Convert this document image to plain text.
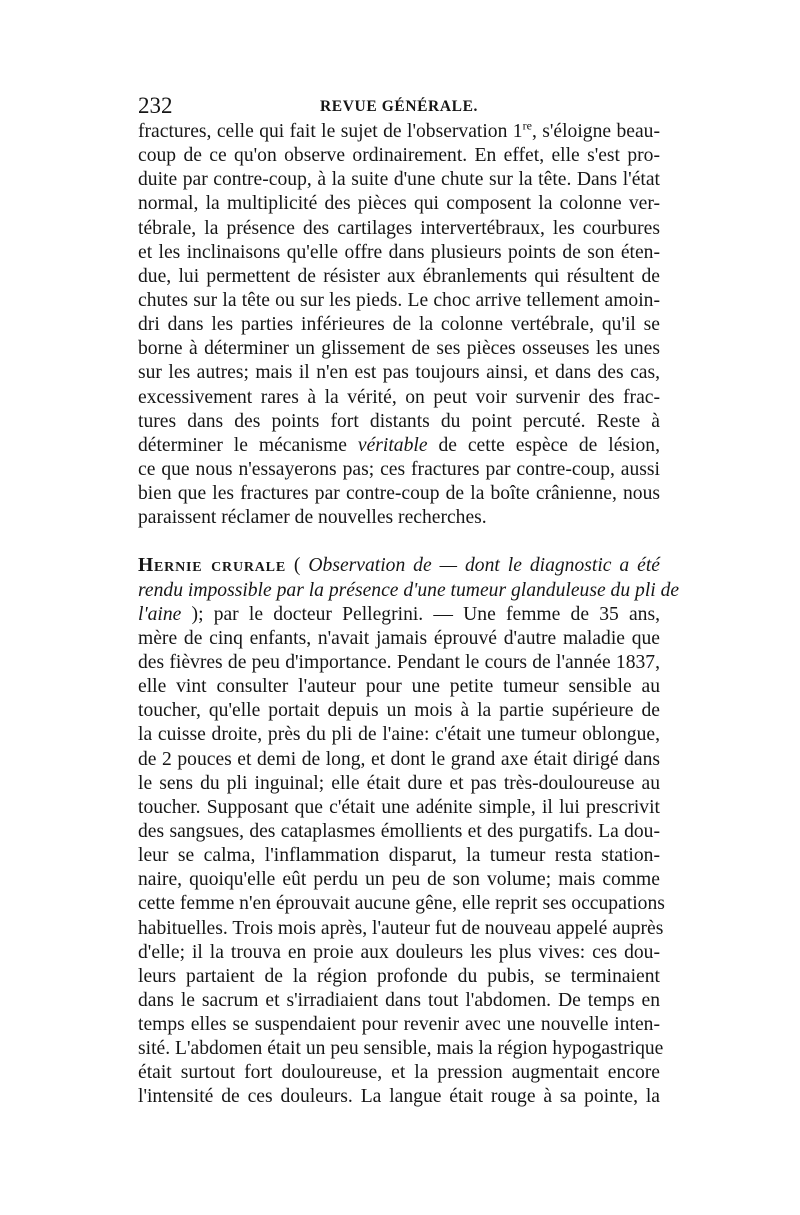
232	REVUE GÉNÉRALE.
fractures, celle qui fait le sujet de l'observation 1re, s'éloigne beau-
coup de ce qu'on observe ordinairement. En effet, elle s'est pro-
duite par contre-coup, à la suite d'une chute sur la tête. Dans l'état
normal, la multiplicité des pièces qui composent la colonne ver-
tébrale, la présence des cartilages intervertébraux, les courbures
et les inclinaisons qu'elle offre dans plusieurs points de son éten-
due, lui permettent de résister aux ébranlements qui résultent de
chutes sur la tête ou sur les pieds. Le choc arrive tellement amoin-
dri dans les parties inférieures de la colonne vertébrale, qu'il se
borne à déterminer un glissement de ses pièces osseuses les unes
sur les autres; mais il n'en est pas toujours ainsi, et dans des cas,
excessivement rares à la vérité, on peut voir survenir des frac-
tures dans des points fort distants du point percuté. Reste à
déterminer le mécanisme véritable de cette espèce de lésion,
ce que nous n'essayerons pas; ces fractures par contre-coup, aussi
bien que les fractures par contre-coup de la boîte crânienne, nous
paraissent réclamer de nouvelles recherches.
Hernie crurale ( Observation de — dont le diagnostic a été
rendu impossible par la présence d'une tumeur glanduleuse du pli de
l'aine ); par le docteur Pellegrini. — Une femme de 35 ans,
mère de cinq enfants, n'avait jamais éprouvé d'autre maladie que
des fièvres de peu d'importance. Pendant le cours de l'année 1837,
elle vint consulter l'auteur pour une petite tumeur sensible au
toucher, qu'elle portait depuis un mois à la partie supérieure de
la cuisse droite, près du pli de l'aine: c'était une tumeur oblongue,
de 2 pouces et demi de long, et dont le grand axe était dirigé dans
le sens du pli inguinal; elle était dure et pas très-douloureuse au
toucher. Supposant que c'était une adénite simple, il lui prescrivit
des sangsues, des cataplasmes émollients et des purgatifs. La dou-
leur se calma, l'inflammation disparut, la tumeur resta station-
naire, quoiqu'elle eût perdu un peu de son volume; mais comme
cette femme n'en éprouvait aucune gêne, elle reprit ses occupations
habituelles. Trois mois après, l'auteur fut de nouveau appelé auprès
d'elle; il la trouva en proie aux douleurs les plus vives: ces dou-
leurs partaient de la région profonde du pubis, se terminaient
dans le sacrum et s'irradiaient dans tout l'abdomen. De temps en
temps elles se suspendaient pour revenir avec une nouvelle inten-
sité. L'abdomen était un peu sensible, mais la région hypogastrique
était surtout fort douloureuse, et la pression augmentait encore
l'intensité de ces douleurs. La langue était rouge à sa pointe, la
